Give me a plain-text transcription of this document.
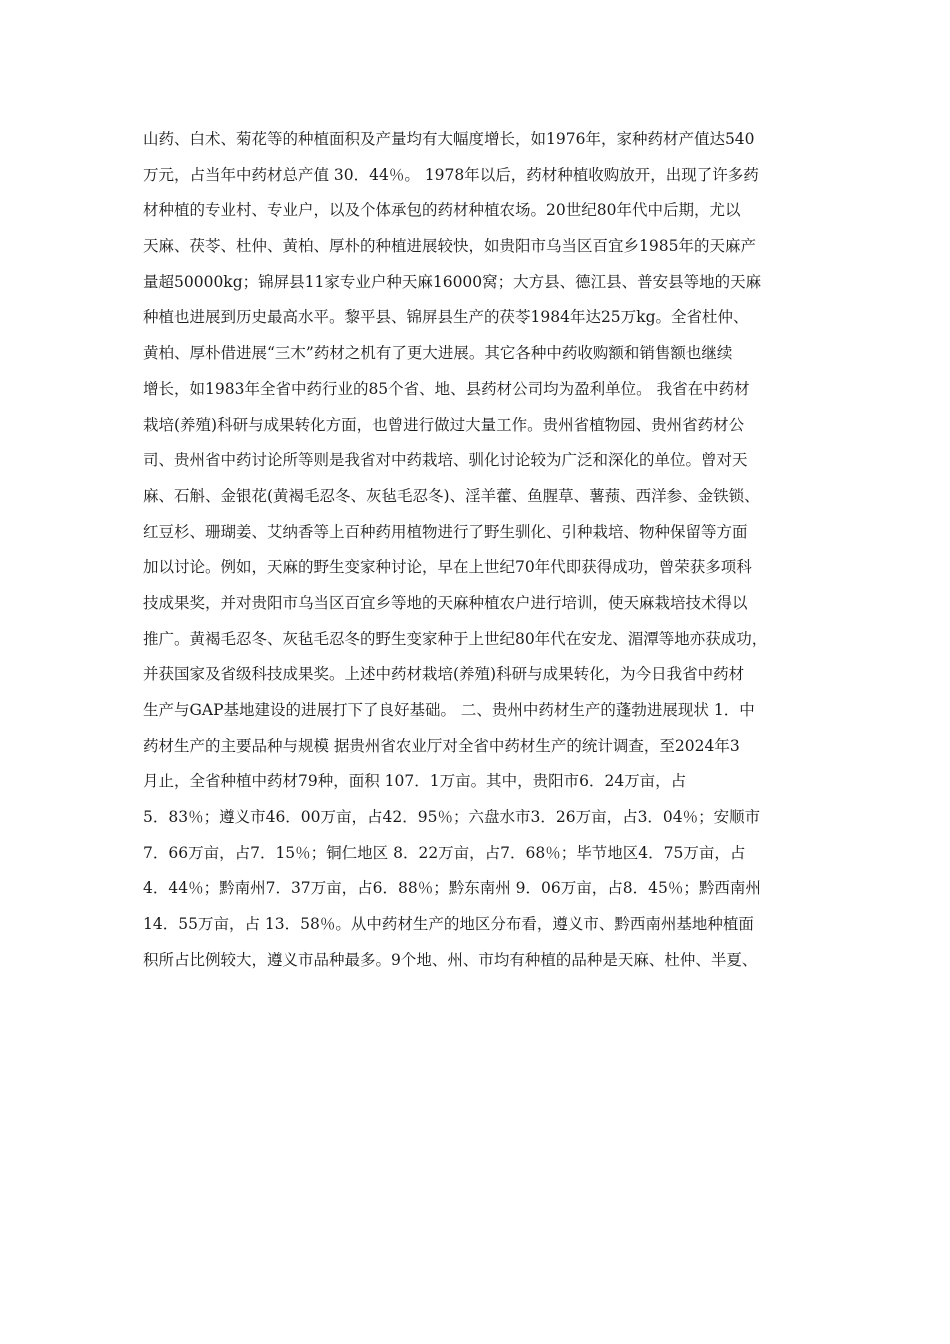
山药、白术、菊花等的种植面积及产量均有大幅度增长，如1976年，家种药材产值达540
万元，占当年中药材总产值 30．44％。 1978年以后，药材种植收购放开，出现了许多药
材种植的专业村、专业户，以及个体承包的药材种植农场。20世纪80年代中后期，尤以
天麻、茯苓、杜仲、黄柏、厚朴的种植进展较快，如贵阳市乌当区百宜乡1985年的天麻产
量超50000kg；锦屏县11家专业户种天麻16000窝；大方县、德江县、普安县等地的天麻
种植也进展到历史最高水平。黎平县、锦屏县生产的茯苓1984年达25万kg。全省杜仲、
黄柏、厚朴借进展“三木”药材之机有了更大进展。其它各种中药收购额和销售额也继续
增长，如1983年全省中药行业的85个省、地、县药材公司均为盈利单位。 我省在中药材
栽培(养殖)科研与成果转化方面，也曾进行做过大量工作。贵州省植物园、贵州省药材公
司、贵州省中药讨论所等则是我省对中药栽培、驯化讨论较为广泛和深化的单位。曾对天
麻、石斛、金银花(黄褐毛忍冬、灰毡毛忍冬)、淫羊藿、鱼腥草、薯蓣、西洋参、金铁锁、
红豆杉、珊瑚姜、艾纳香等上百种药用植物进行了野生驯化、引种栽培、物种保留等方面
加以讨论。例如，天麻的野生变家种讨论，早在上世纪70年代即获得成功，曾荣获多项科
技成果奖，并对贵阳市乌当区百宜乡等地的天麻种植农户进行培训，使天麻栽培技术得以
推广。黄褐毛忍冬、灰毡毛忍冬的野生变家种于上世纪80年代在安龙、湄潭等地亦获成功，
并获国家及省级科技成果奖。上述中药材栽培(养殖)科研与成果转化，为今日我省中药材
生产与GAP基地建设的进展打下了良好基础。 二、贵州中药材生产的蓬勃进展现状 1．中
药材生产的主要品种与规模 据贵州省农业厅对全省中药材生产的统计调查，至2024年3
月止，全省种植中药材79种，面积 107．1万亩。其中，贵阳市6．24万亩，占
5．83％；遵义市46．00万亩，占42．95％；六盘水市3．26万亩，占3．04％；安顺市
7．66万亩，占7．15％；铜仁地区 8．22万亩，占7．68％；毕节地区4．75万亩，占
4．44％；黔南州7．37万亩，占6．88％；黔东南州 9．06万亩，占8．45％；黔西南州
14．55万亩，占 13．58％。从中药材生产的地区分布看，遵义市、黔西南州基地种植面
积所占比例较大，遵义市品种最多。9个地、州、市均有种植的品种是天麻、杜仲、半夏、
